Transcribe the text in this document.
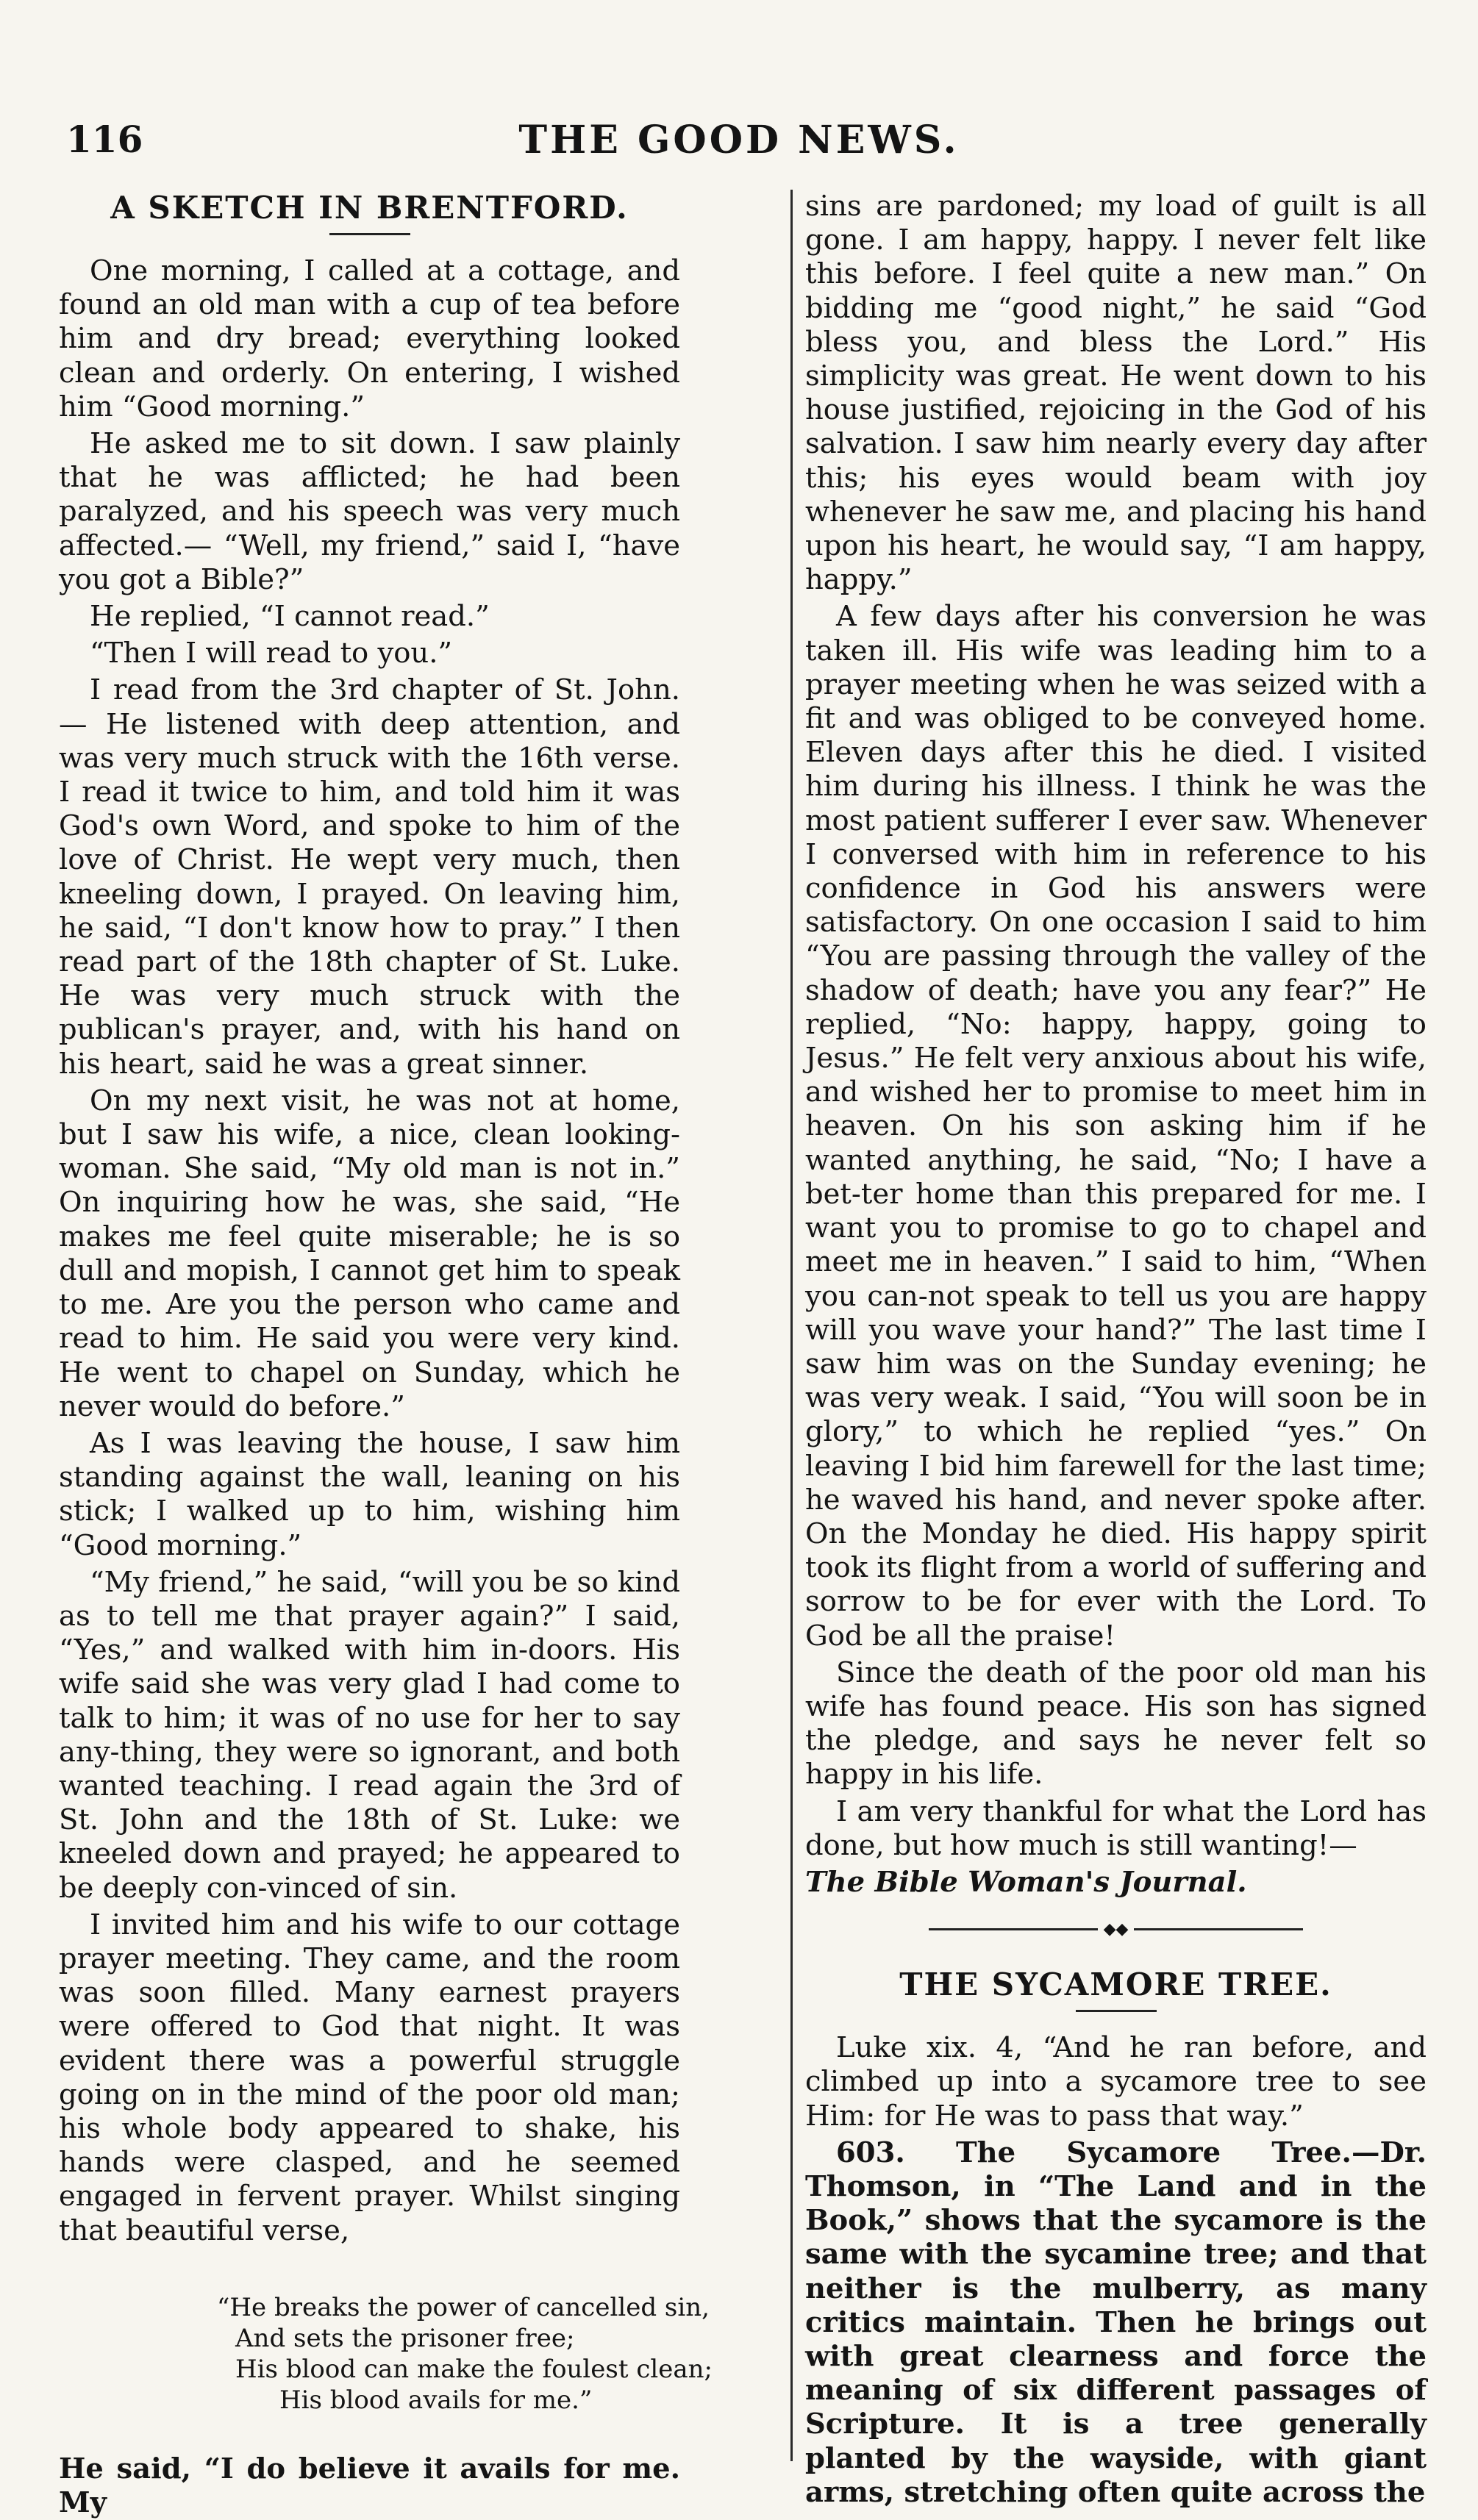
116	THE GOOD NEWS.
A SKETCH IN BRENTFORD.

One morning, I called at a cottage, and found an old man with a cup of tea before him and dry bread; everything looked clean and orderly. On entering, I wished him “Good morning.”

He asked me to sit down. I saw plainly that he was afflicted; he had been paralyzed, and his speech was very much affected.— “Well, my friend,” said I, “have you got a Bible?”

He replied, “I cannot read.”

“Then I will read to you.”

I read from the 3rd chapter of St. John.— He listened with deep attention, and was very much struck with the 16th verse. I read it twice to him, and told him it was God's own Word, and spoke to him of the love of Christ. He wept very much, then kneeling down, I prayed. On leaving him, he said, “I don't know how to pray.” I then read part of the 18th chapter of St. Luke. He was very much struck with the publican's prayer, and, with his hand on his heart, said he was a great sinner.

On my next visit, he was not at home, but I saw his wife, a nice, clean looking-woman. She said, “My old man is not in.” On inquiring how he was, she said, “He makes me feel quite miserable; he is so dull and mopish, I cannot get him to speak to me. Are you the person who came and read to him. He said you were very kind. He went to chapel on Sunday, which he never would do before.”

As I was leaving the house, I saw him standing against the wall, leaning on his stick; I walked up to him, wishing him “Good morning.”

“My friend,” he said, “will you be so kind as to tell me that prayer again?” I said, “Yes,” and walked with him in-doors. His wife said she was very glad I had come to talk to him; it was of no use for her to say any-thing, they were so ignorant, and both wanted teaching. I read again the 3rd of St. John and the 18th of St. Luke: we kneeled down and prayed; he appeared to be deeply con-vinced of sin.

I invited him and his wife to our cottage prayer meeting. They came, and the room was soon filled. Many earnest prayers were offered to God that night. It was evident there was a powerful struggle going on in the mind of the poor old man; his whole body appeared to shake, his hands were clasped, and he seemed engaged in fervent prayer. Whilst singing that beautiful verse,

“He breaks the power of cancelled sin,
And sets the prisoner free;
His blood can make the foulest clean;
His blood avails for me.”

He said, “I do believe it avails for me. My

sins are pardoned; my load of guilt is all gone. I am happy, happy. I never felt like this before. I feel quite a new man.” On bidding me “good night,” he said “God bless you, and bless the Lord.” His simplicity was great. He went down to his house justified, rejoicing in the God of his salvation. I saw him nearly every day after this; his eyes would beam with joy whenever he saw me, and placing his hand upon his heart, he would say, “I am happy, happy.”

A few days after his conversion he was taken ill. His wife was leading him to a prayer meeting when he was seized with a fit and was obliged to be conveyed home. Eleven days after this he died. I visited him during his illness. I think he was the most patient sufferer I ever saw. Whenever I conversed with him in reference to his confidence in God his answers were satisfactory. On one occasion I said to him “You are passing through the valley of the shadow of death; have you any fear?” He replied, “No: happy, happy, going to Jesus.” He felt very anxious about his wife, and wished her to promise to meet him in heaven. On his son asking him if he wanted anything, he said, “No; I have a bet-ter home than this prepared for me. I want you to promise to go to chapel and meet me in heaven.” I said to him, “When you can-not speak to tell us you are happy will you wave your hand?” The last time I saw him was on the Sunday evening; he was very weak. I said, “You will soon be in glory,” to which he replied “yes.” On leaving I bid him farewell for the last time; he waved his hand, and never spoke after. On the Monday he died. His happy spirit took its flight from a world of suffering and sorrow to be for ever with the Lord. To God be all the praise!

Since the death of the poor old man his wife has found peace. His son has signed the pledge, and says he never felt so happy in his life.

I am very thankful for what the Lord has done, but how much is still wanting!—

The Bible Woman's Journal.

◆◆
THE SYCAMORE TREE.

Luke xix. 4, “And he ran before, and climbed up into a sycamore tree to see Him: for He was to pass that way.”

603. The Sycamore Tree.—Dr. Thomson, in “The Land and in the Book,” shows that the sycamore is the same with the sycamine tree; and that neither is the mulberry, as many critics maintain. Then he brings out with great clearness and force the meaning of six different passages of Scripture. It is a tree generally planted by the wayside, with giant arms, stretching often quite across the
